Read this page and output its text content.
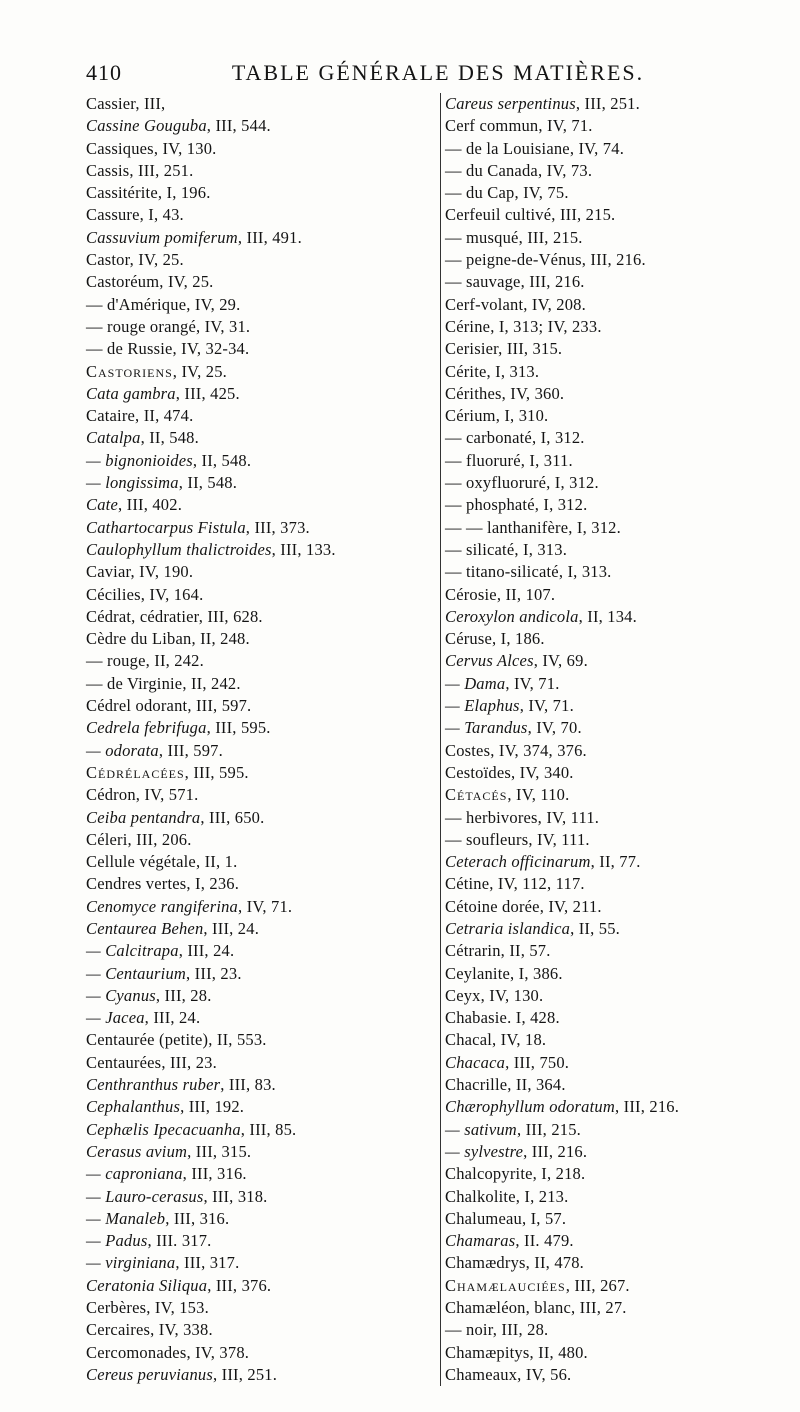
410	TABLE GÉNÉRALE DES MATIÈRES.
Cassier, III,
Cassine Gouguba, III, 544.
Cassiques, IV, 130.
Cassis, III, 251.
Cassitérite, I, 196.
Cassure, I, 43.
Cassuvium pomiferum, III, 491.
Castor, IV, 25.
Castoréum, IV, 25.
— d'Amérique, IV, 29.
— rouge orangé, IV, 31.
— de Russie, IV, 32-34.
Castoriens, IV, 25.
Cata gambra, III, 425.
Cataire, II, 474.
Catalpa, II, 548.
— bignonioides, II, 548.
— longissima, II, 548.
Cate, III, 402.
Cathartocarpus Fistula, III, 373.
Caulophyllum thalictroides, III, 133.
Caviar, IV, 190.
Cécilies, IV, 164.
Cédrat, cédratier, III, 628.
Cèdre du Liban, II, 248.
— rouge, II, 242.
— de Virginie, II, 242.
Cédrel odorant, III, 597.
Cedrela febrifuga, III, 595.
— odorata, III, 597.
Cédrélacées, III, 595.
Cédron, IV, 571.
Ceiba pentandra, III, 650.
Céleri, III, 206.
Cellule végétale, II, 1.
Cendres vertes, I, 236.
Cenomyce rangiferina, IV, 71.
Centaurea Behen, III, 24.
— Calcitrapa, III, 24.
— Centaurium, III, 23.
— Cyanus, III, 28.
— Jacea, III, 24.
Centaurée (petite), II, 553.
Centaurées, III, 23.
Centhranthus ruber, III, 83.
Cephalanthus, III, 192.
Cephælis Ipecacuanha, III, 85.
Cerasus avium, III, 315.
— caproniana, III, 316.
— Lauro-cerasus, III, 318.
— Manaleb, III, 316.
— Padus, III. 317.
— virginiana, III, 317.
Ceratonia Siliqua, III, 376.
Cerbères, IV, 153.
Cercaires, IV, 338.
Cercomonades, IV, 378.
Cereus peruvianus, III, 251.
Careus serpentinus, III, 251.
Cerf commun, IV, 71.
— de la Louisiane, IV, 74.
— du Canada, IV, 73.
— du Cap, IV, 75.
Cerfeuil cultivé, III, 215.
— musqué, III, 215.
— peigne-de-Vénus, III, 216.
— sauvage, III, 216.
Cerf-volant, IV, 208.
Cérine, I, 313; IV, 233.
Cerisier, III, 315.
Cérite, I, 313.
Cérithes, IV, 360.
Cérium, I, 310.
— carbonaté, I, 312.
— fluoruré, I, 311.
— oxyfluoruré, I, 312.
— phosphaté, I, 312.
— — lanthanifère, I, 312.
— silicaté, I, 313.
— titano-silicaté, I, 313.
Cérosie, II, 107.
Ceroxylon andicola, II, 134.
Céruse, I, 186.
Cervus Alces, IV, 69.
— Dama, IV, 71.
— Elaphus, IV, 71.
— Tarandus, IV, 70.
Costes, IV, 374, 376.
Cestoïdes, IV, 340.
Cétacés, IV, 110.
— herbivores, IV, 111.
— soufleurs, IV, 111.
Ceterach officinarum, II, 77.
Cétine, IV, 112, 117.
Cétoine dorée, IV, 211.
Cetraria islandica, II, 55.
Cétrarin, II, 57.
Ceylanite, I, 386.
Ceyx, IV, 130.
Chabasie. I, 428.
Chacal, IV, 18.
Chacaca, III, 750.
Chacrille, II, 364.
Chærophyllum odoratum, III, 216.
— sativum, III, 215.
— sylvestre, III, 216.
Chalcopyrite, I, 218.
Chalkolite, I, 213.
Chalumeau, I, 57.
Chamaras, II. 479.
Chamædrys, II, 478.
Chamælauciées, III, 267.
Chamæléon, blanc, III, 27.
— noir, III, 28.
Chamæpitys, II, 480.
Chameaux, IV, 56.
